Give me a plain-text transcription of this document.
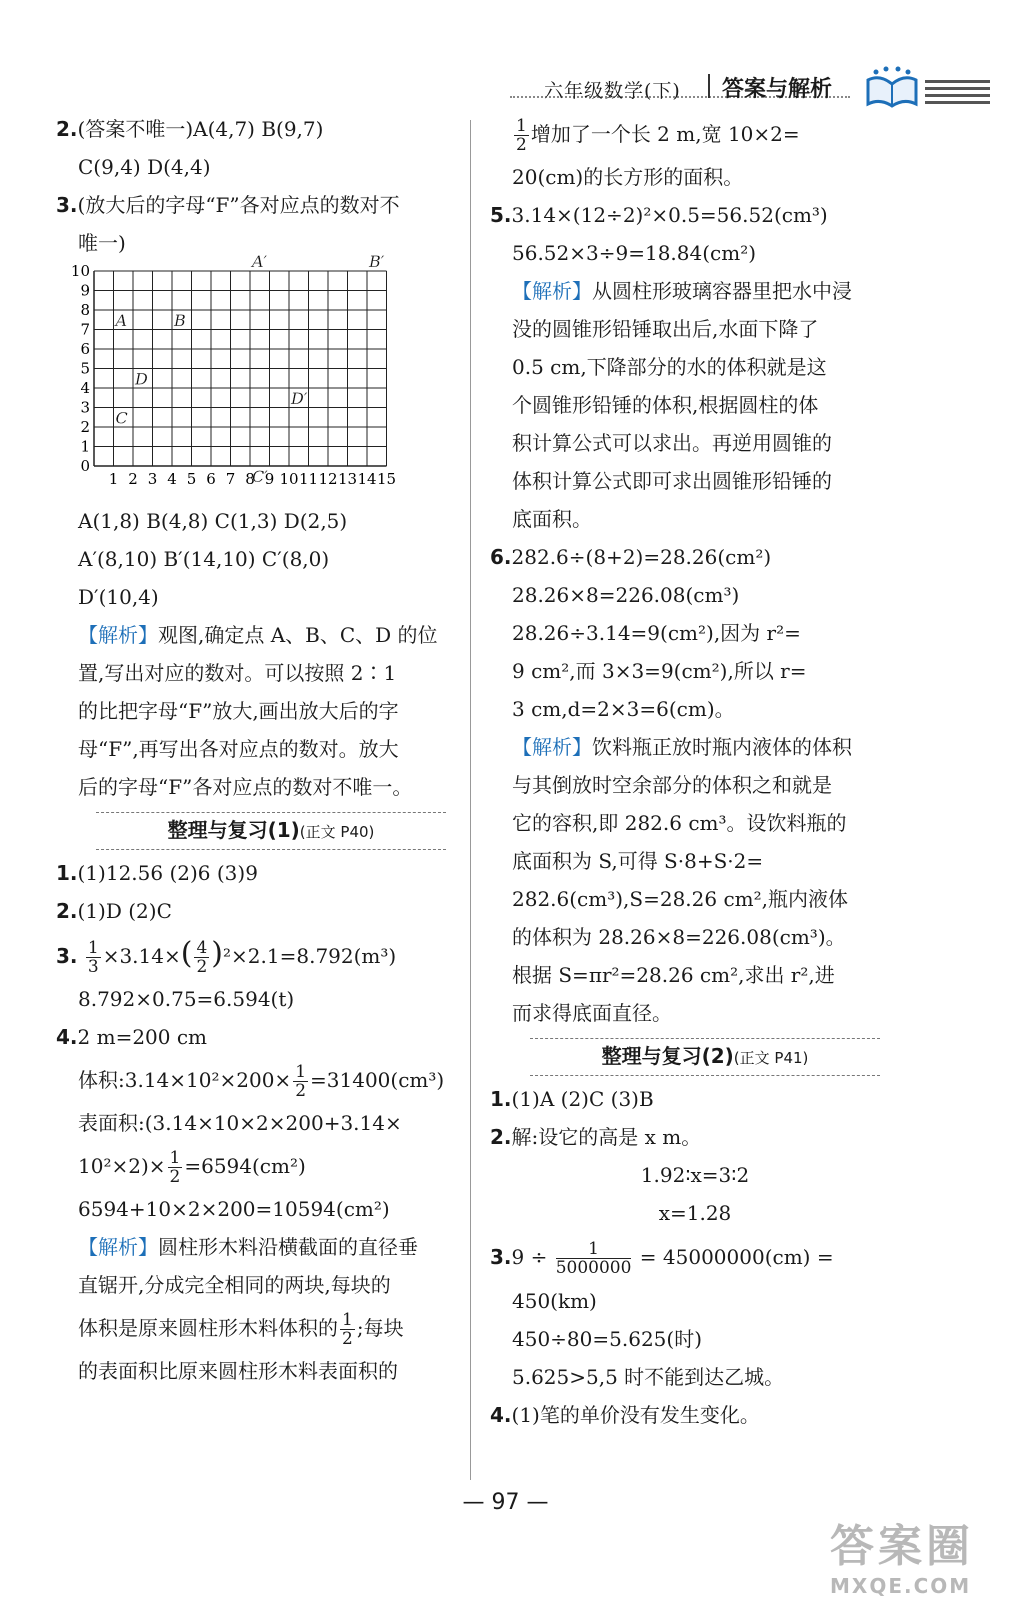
六年级数学(下) 答案与解析
2.(答案不唯一)A(4,7) B(9,7)
C(9,4) D(4,4)
3.(放大后的字母“F”各对应点的数对不
唯一)
0
1
2
3
4
5
6
7
8
9
10
1 2 3 4 5 6 7 8 9 10 11 12 13 14 15
A	B
C
D
A′	B′
C′
D′
A(1,8) B(4,8) C(1,3) D(2,5)
A′(8,10) B′(14,10) C′(8,0)
D′(10,4)
【解析】观图,确定点 A、B、C、D 的位
置,写出对应的数对。可以按照 2∶1
的比把字母“F”放大,画出放大后的字
母“F”,再写出各对应点的数对。放大
后的字母“F”各对应点的数对不唯一。
整理与复习(1)(正文 P40)
1.(1)12.56 (2)6 (3)9
2.(1)D (2)C
3. $\frac{1}{3} \times 3.14\times( \frac{4}{2} )^2\times 2.1=8.792(m^3)$
8.792×0.75=6.594(t)
4.2 m=200 cm
体积:3.14×10²×200× $\frac{1}{2} =31400(cm^3)$
表面积:(3.14×10×2×200+3.14×
$10^2\times 2)\times \frac{1}{2} =6594(cm^2)$
6594+10×2×200=10594(cm²)
【解析】圆柱形木料沿横截面的直径垂
直锯开,分成完全相同的两块,每块的
体积是原来圆柱形木料体积的 $\frac{1}{2}$ ;每块
的表面积比原来圆柱形木料表面积的
$\frac{1}{2}$ 增加了一个长 2 m,宽 10×2=
20(cm)的长方形的面积。
5.3.14×(12÷2)²×0.5=56.52(cm³)
56.52×3÷9=18.84(cm²)
【解析】从圆柱形玻璃容器里把水中浸
没的圆锥形铅锤取出后,水面下降了
0.5 cm,下降部分的水的体积就是这
个圆锥形铅锤的体积,根据圆柱的体
积计算公式可以求出。再逆用圆锥的
体积计算公式即可求出圆锥形铅锤的
底面积。
6.282.6÷(8+2)=28.26(cm²)
28.26×8=226.08(cm³)
28.26÷3.14=9(cm²),因为 r²=
9 cm²,而 3×3=9(cm²),所以 r=
3 cm,d=2×3=6(cm)。
【解析】饮料瓶正放时瓶内液体的体积
与其倒放时空余部分的体积之和就是
它的容积,即 282.6 cm³。设饮料瓶的
底面积为 S,可得 S·8+S·2=
282.6(cm³),S=28.26 cm²,瓶内液体
的体积为 28.26×8=226.08(cm³)。
根据 S=πr²=28.26 cm²,求出 r²,进
而求得底面直径。
整理与复习(2)(正文 P41)
1.(1)A (2)C (3)B
2.解:设它的高是 x m。
1.92∶x=3∶2
x=1.28
$3.9 \div \frac{1}{5000000} = 45000000(cm)$ =
450(km)
450÷80=5.625(时)
5.625>5,5 时不能到达乙城。
4.(1)笔的单价没有发生变化。
— 97 —
答案圈
MXQE.COM
